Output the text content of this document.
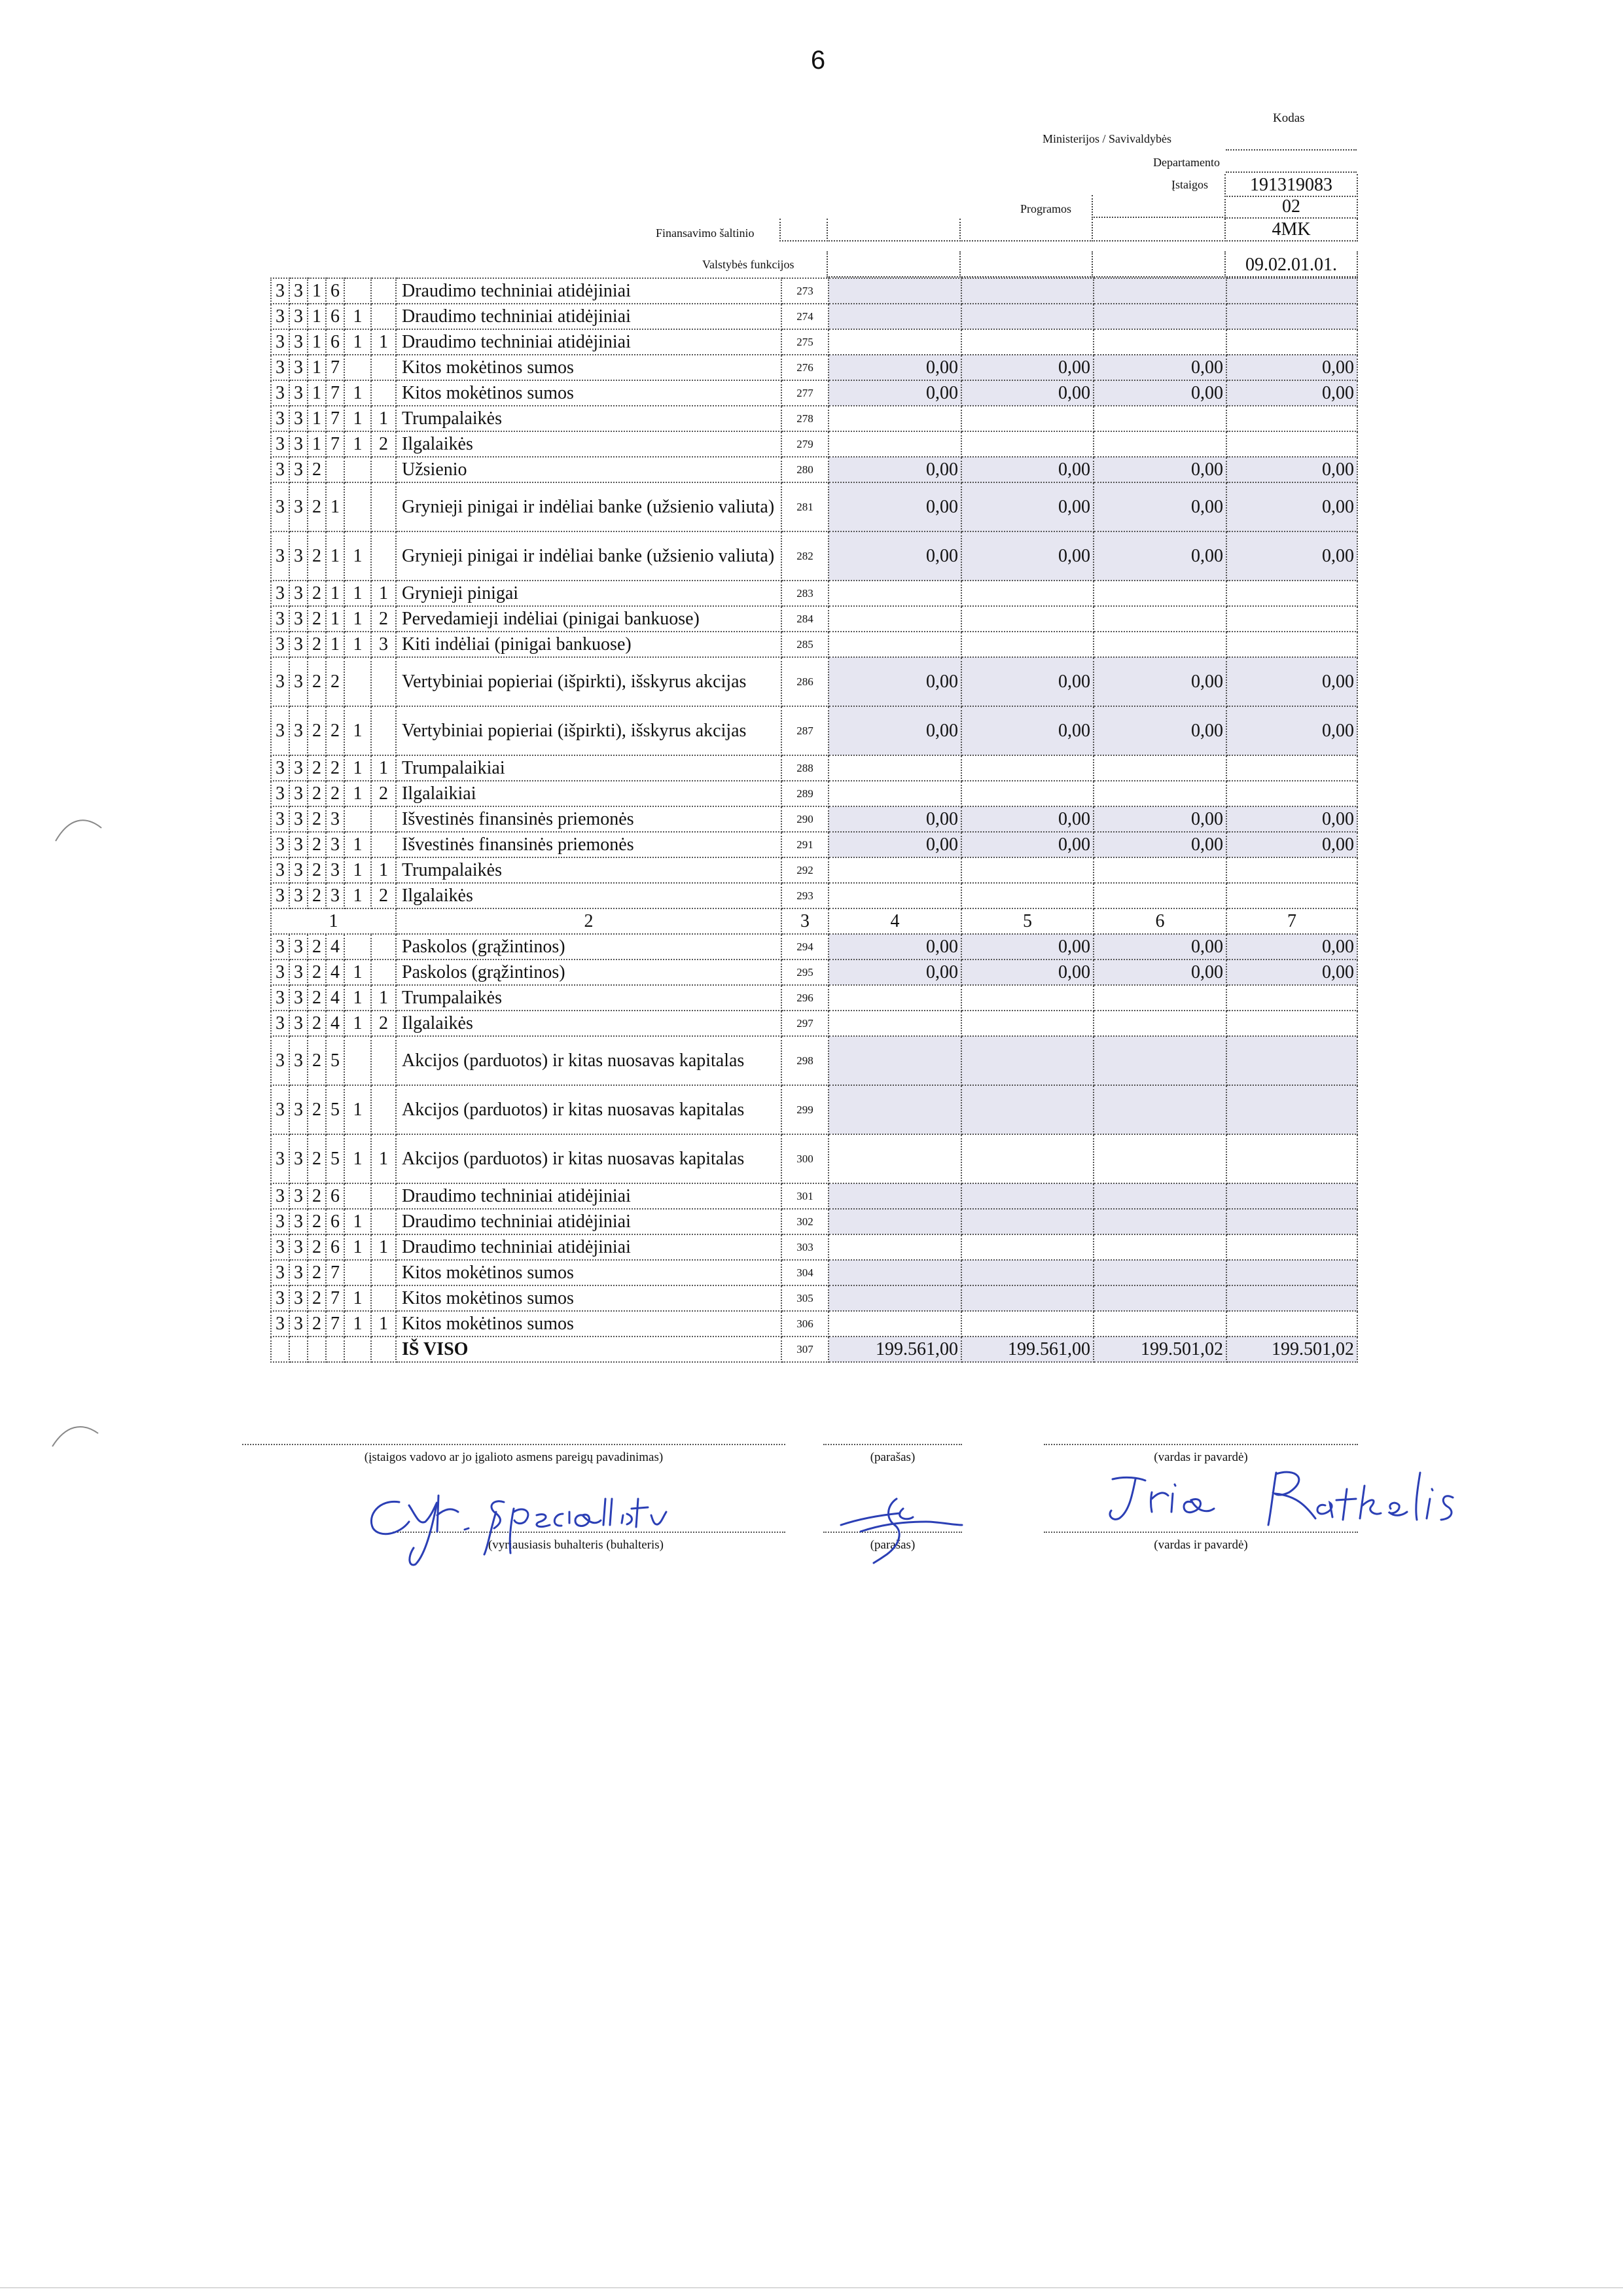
6
Kodas
Ministerijos / Savivaldybės
Departamento
Įstaigos	191319083
Programos	02
Finansavimo šaltinio	4MK
Valstybės funkcijos	09.02.01.01.
3	3	1	6			Draudimo techniniai atidėjiniai	273				
3	3	1	6	1		Draudimo techniniai atidėjiniai	274				
3	3	1	6	1	1	Draudimo techniniai atidėjiniai	275				
3	3	1	7			Kitos mokėtinos sumos	276	0,00	0,00	0,00	0,00
3	3	1	7	1		Kitos mokėtinos sumos	277	0,00	0,00	0,00	0,00
3	3	1	7	1	1	Trumpalaikės	278				
3	3	1	7	1	2	Ilgalaikės	279				
3	3	2				Užsienio	280	0,00	0,00	0,00	0,00
3	3	2	1			Grynieji pinigai ir indėliai banke (užsienio valiuta)	281	0,00	0,00	0,00	0,00
3	3	2	1	1		Grynieji pinigai ir indėliai banke (užsienio valiuta)	282	0,00	0,00	0,00	0,00
3	3	2	1	1	1	Grynieji pinigai	283				
3	3	2	1	1	2	Pervedamieji indėliai (pinigai bankuose)	284				
3	3	2	1	1	3	Kiti indėliai (pinigai bankuose)	285				
3	3	2	2			Vertybiniai popieriai (išpirkti), išskyrus akcijas	286	0,00	0,00	0,00	0,00
3	3	2	2	1		Vertybiniai popieriai (išpirkti), išskyrus akcijas	287	0,00	0,00	0,00	0,00
3	3	2	2	1	1	Trumpalaikiai	288				
3	3	2	2	1	2	Ilgalaikiai	289				
3	3	2	3			Išvestinės finansinės priemonės	290	0,00	0,00	0,00	0,00
3	3	2	3	1		Išvestinės finansinės priemonės	291	0,00	0,00	0,00	0,00
3	3	2	3	1	1	Trumpalaikės	292				
3	3	2	3	1	2	Ilgalaikės	293				
1						2	3	4	5	6	7
3	3	2	4			Paskolos (grąžintinos)	294	0,00	0,00	0,00	0,00
3	3	2	4	1		Paskolos (grąžintinos)	295	0,00	0,00	0,00	0,00
3	3	2	4	1	1	Trumpalaikės	296				
3	3	2	4	1	2	Ilgalaikės	297				
3	3	2	5			Akcijos (parduotos) ir kitas nuosavas kapitalas	298				
3	3	2	5	1		Akcijos (parduotos) ir kitas nuosavas kapitalas	299				
3	3	2	5	1	1	Akcijos (parduotos) ir kitas nuosavas kapitalas	300				
3	3	2	6			Draudimo techniniai atidėjiniai	301				
3	3	2	6	1		Draudimo techniniai atidėjiniai	302				
3	3	2	6	1	1	Draudimo techniniai atidėjiniai	303				
3	3	2	7			Kitos mokėtinos sumos	304				
3	3	2	7	1		Kitos mokėtinos sumos	305				
3	3	2	7	1	1	Kitos mokėtinos sumos	306				
						IŠ VISO	307	199.561,00	199.561,00	199.501,02	199.501,02
(įstaigos vadovo ar jo įgalioto asmens pareigų pavadinimas)	(parašas)	(vardas ir pavardė)
(vyriausiasis buhalteris (buhalteris)	(parašas)	(vardas ir pavardė)
